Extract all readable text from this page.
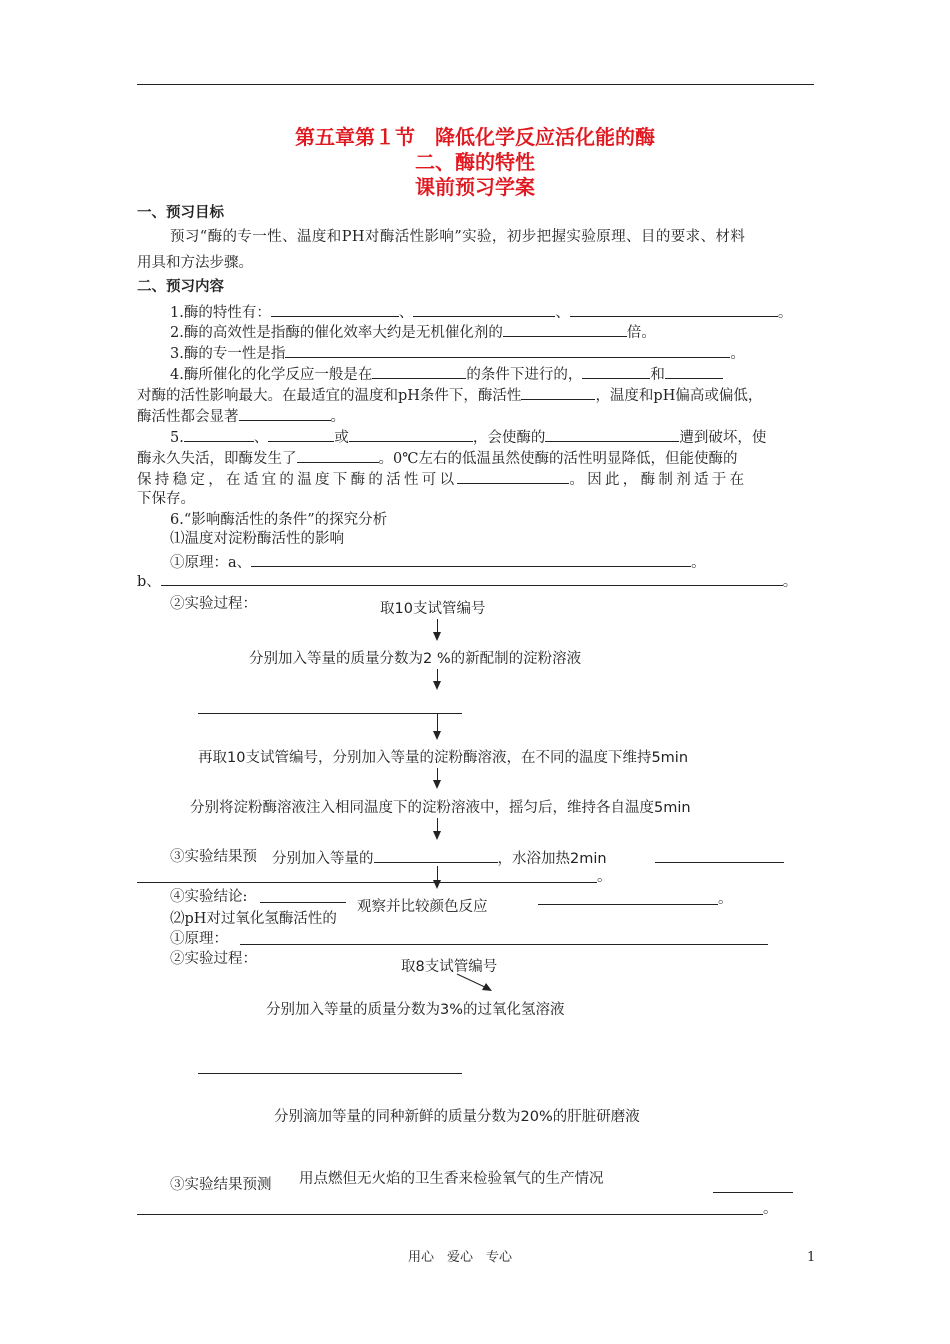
第五章第１节　降低化学反应活化能的酶
二、酶的特性
课前预习学案
一、预习目标
预习“酶的专一性、温度和PH对酶活性影响”实验，初步把握实验原理、目的要求、材料
用具和方法步骤。
二、预习内容
1.酶的特性有：	、	、	。
2.酶的高效性是指酶的催化效率大约是无机催化剂的	倍。
3.酶的专一性是指	。
4.酶所催化的化学反应一般是在	的条件下进行的，	和
对酶的活性影响最大。在最适宜的温度和pH条件下，酶活性	，温度和pH偏高或偏低，
酶活性都会显著	。
5.	、	或	，会使酶的	遭到破坏，使
酶永久失活，即酶发生了	。0℃左右的低温虽然使酶的活性明显降低，但能使酶的
保持稳定，在适宜的温度下酶的活性可以	。因此，酶制剂适于在
下保存。
6.“影响酶活性的条件”的探究分析
⑴温度对淀粉酶活性的影响
①原理：a、	。
b、	。
②实验过程：	取10支试管编号
分别加入等量的质量分数为2 %的新配制的淀粉溶液
再取10支试管编号，分别加入等量的淀粉酶溶液，在不同的温度下维持5min
分别将淀粉酶溶液注入相同温度下的淀粉溶液中，摇匀后，维持各自温度5min
③实验结果预 分别加入等量的	，水浴加热2min
。
④实验结论:
观察并比较颜色反应	。
⑵pH对过氧化氢酶活性的
①原理：
②实验过程：	取8支试管编号
分别加入等量的质量分数为3%的过氧化氢溶液
分别滴加等量的同种新鲜的质量分数为20%的肝脏研磨液
③实验结果预测 用点燃但无火焰的卫生香来检验氧气的生产情况
。
用心　爱心　专心	1
